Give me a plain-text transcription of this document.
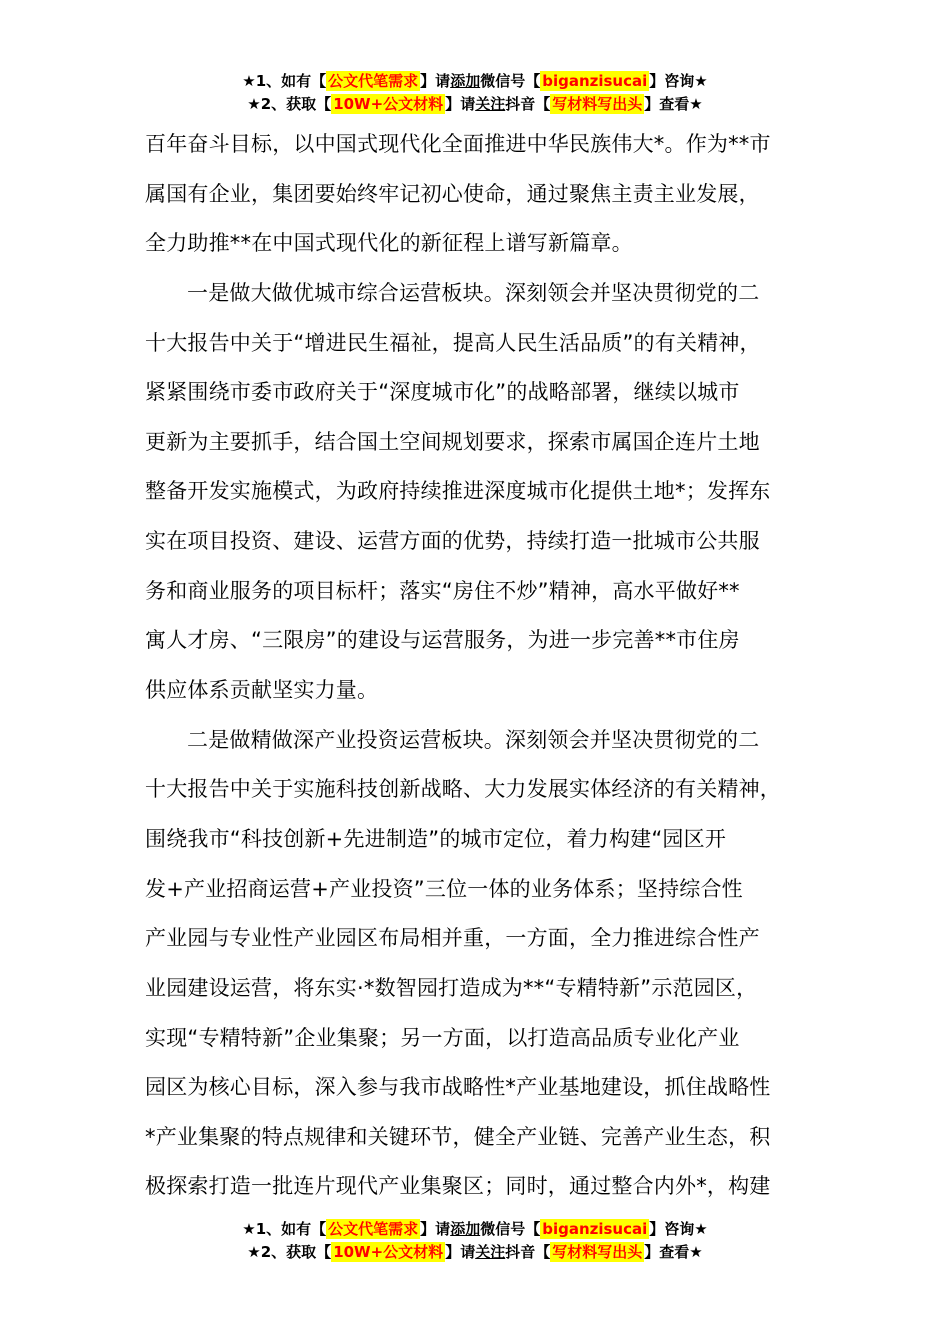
★1、如有【 公文代笔需求 】请添加微信号【 biganzisucai 】咨询★
★2、获取【 10W+公文材料 】请关注抖音【 写材料写出头 】查看★
百年奋斗目标，以中国式现代化全面推进中华民族伟大*。作为**市
属国有企业，集团要始终牢记初心使命，通过聚焦主责主业发展，
全力助推**在中国式现代化的新征程上谱写新篇章。
一是做大做优城市综合运营板块。深刻领会并坚决贯彻党的二
十大报告中关于“增进民生福祉，提高人民生活品质”的有关精神，
紧紧围绕市委市政府关于“深度城市化”的战略部署，继续以城市
更新为主要抓手，结合国土空间规划要求，探索市属国企连片土地
整备开发实施模式，为政府持续推进深度城市化提供土地*；发挥东
实在项目投资、建设、运营方面的优势，持续打造一批城市公共服
务和商业服务的项目标杆；落实“房住不炒”精神，高水平做好**
寓人才房、“三限房”的建设与运营服务，为进一步完善**市住房
供应体系贡献坚实力量。
二是做精做深产业投资运营板块。深刻领会并坚决贯彻党的二
十大报告中关于实施科技创新战略、大力发展实体经济的有关精神，
围绕我市“科技创新+先进制造”的城市定位，着力构建“园区开
发+产业招商运营+产业投资”三位一体的业务体系；坚持综合性
产业园与专业性产业园区布局相并重，一方面，全力推进综合性产
业园建设运营，将东实·*数智园打造成为**“专精特新”示范园区，
实现“专精特新”企业集聚；另一方面，以打造高品质专业化产业
园区为核心目标，深入参与我市战略性*产业基地建设，抓住战略性
*产业集聚的特点规律和关键环节，健全产业链、完善产业生态，积
极探索打造一批连片现代产业集聚区；同时，通过整合内外*，构建
★1、如有【 公文代笔需求 】请添加微信号【 biganzisucai 】咨询★
★2、获取【 10W+公文材料 】请关注抖音【 写材料写出头 】查看★
